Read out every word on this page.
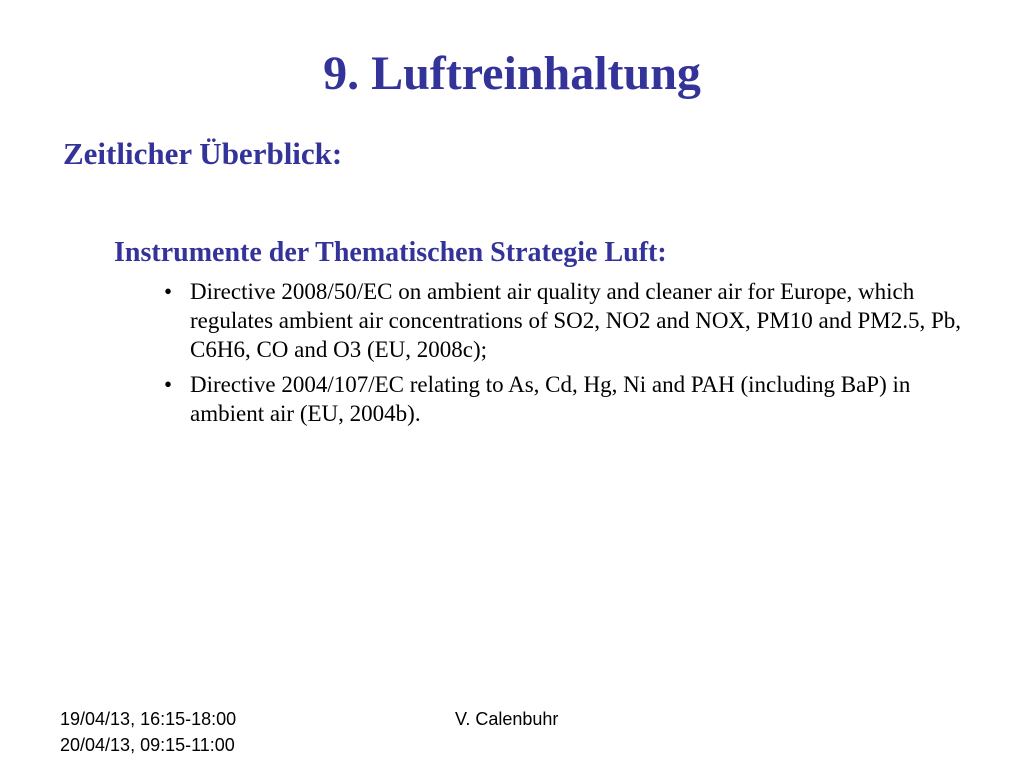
9. Luftreinhaltung
Zeitlicher Überblick:
Instrumente der Thematischen Strategie Luft:
• Directive 2008/50/EC on ambient air quality and cleaner air for Europe, which regulates ambient air concentrations of SO2, NO2 and NOX, PM10 and PM2.5, Pb, C6H6, CO and O3 (EU, 2008c);
• Directive 2004/107/EC relating to As, Cd, Hg, Ni and PAH (including BaP) in ambient air (EU, 2004b).
19/04/13, 16:15-18:00
20/04/13, 09:15-11:00
V. Calenbuhr
